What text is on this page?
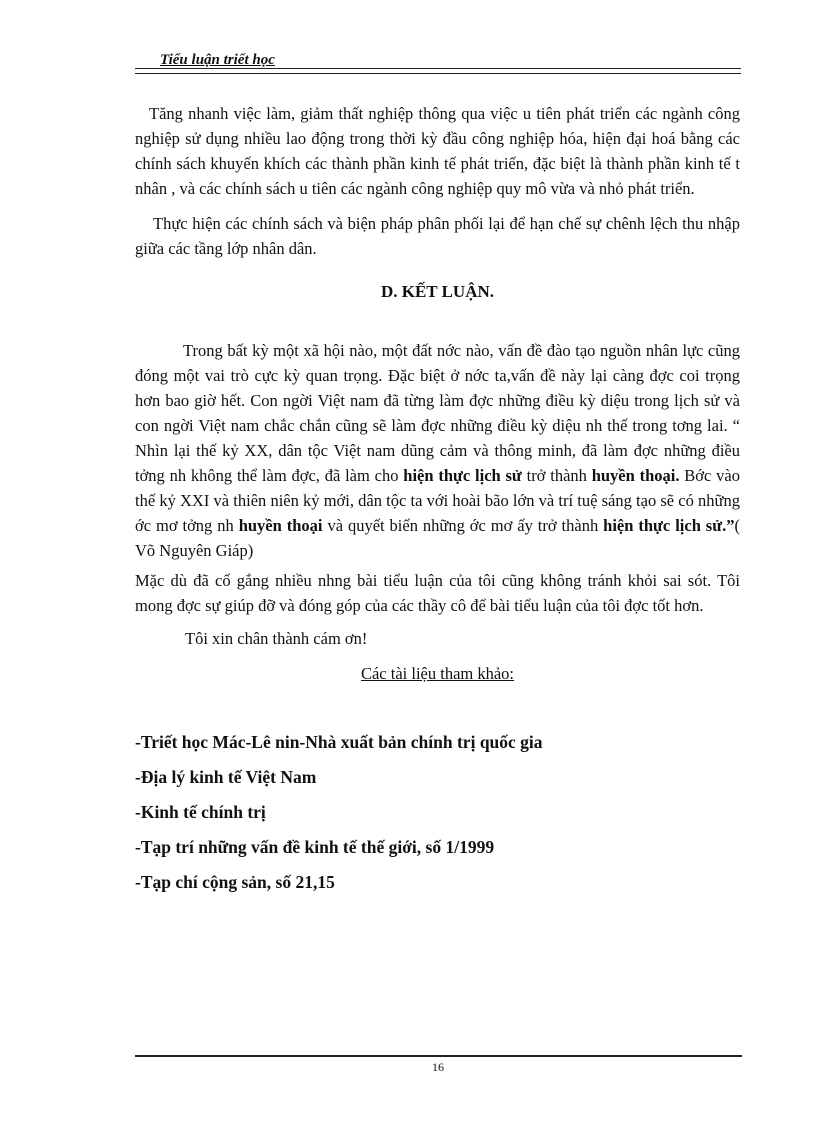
Tiểu luận triết học

Tăng nhanh việc làm, giảm thất nghiệp thông qua việc u tiên phát triển các ngành công nghiệp sử dụng nhiều lao động trong thời kỳ đầu công nghiệp hóa, hiện đại hoá bằng các chính sách khuyến khích các thành phần kinh tế phát triển, đặc biệt là thành phần kinh tế t nhân , và các chính sách u tiên các ngành công nghiệp quy mô vừa và nhỏ phát triển.

Thực hiện các chính sách và biện pháp phân phối lại để hạn chế sự chênh lệch thu nhập giữa các tầng lớp nhân dân.

D. KẾT LUẬN.

Trong bất kỳ một xã hội nào, một đất nớc nào, vấn đề đào tạo nguồn nhân lực cũng đóng một vai trò cực kỳ quan trọng. Đặc biệt ở nớc ta,vấn đề này lại càng đợc coi trọng hơn bao giờ hết. Con ngời Việt nam đã từng làm đợc những điều kỳ diệu trong lịch sử và con ngời Việt nam chắc chắn cũng sẽ làm đợc những điều kỳ diệu nh thế trong tơng lai. “ Nhìn lại thế kỷ XX, dân tộc Việt nam dũng cảm và thông minh, đã làm đợc những điều tởng nh không thể làm đợc, đã làm cho hiện thực lịch sử trở thành huyền thoại. Bớc vào thế kỷ XXI và thiên niên kỷ mới, dân tộc ta với hoài bão lớn và trí tuệ sáng tạo sẽ có những ớc mơ tởng nh huyền thoại và quyết biến những ớc mơ ấy trở thành hiện thực lịch sử.”( Võ Nguyên Giáp)

Mặc dù đã cố gắng nhiều nhng bài tiểu luận của tôi cũng không tránh khỏi sai sót. Tôi mong đợc sự giúp đỡ và đóng góp của các thầy cô để bài tiểu luận của tôi đợc tốt hơn.

Tôi xin chân thành cám ơn!

Các tài liệu tham khảo:

-Triết học Mác-Lê nin-Nhà xuất bản chính trị quốc gia
-Địa lý kinh tế Việt Nam
-Kinh tế chính trị
-Tạp trí những vấn đề kinh tế thế giới, số 1/1999
-Tạp chí cộng sản, số 21,15
16
